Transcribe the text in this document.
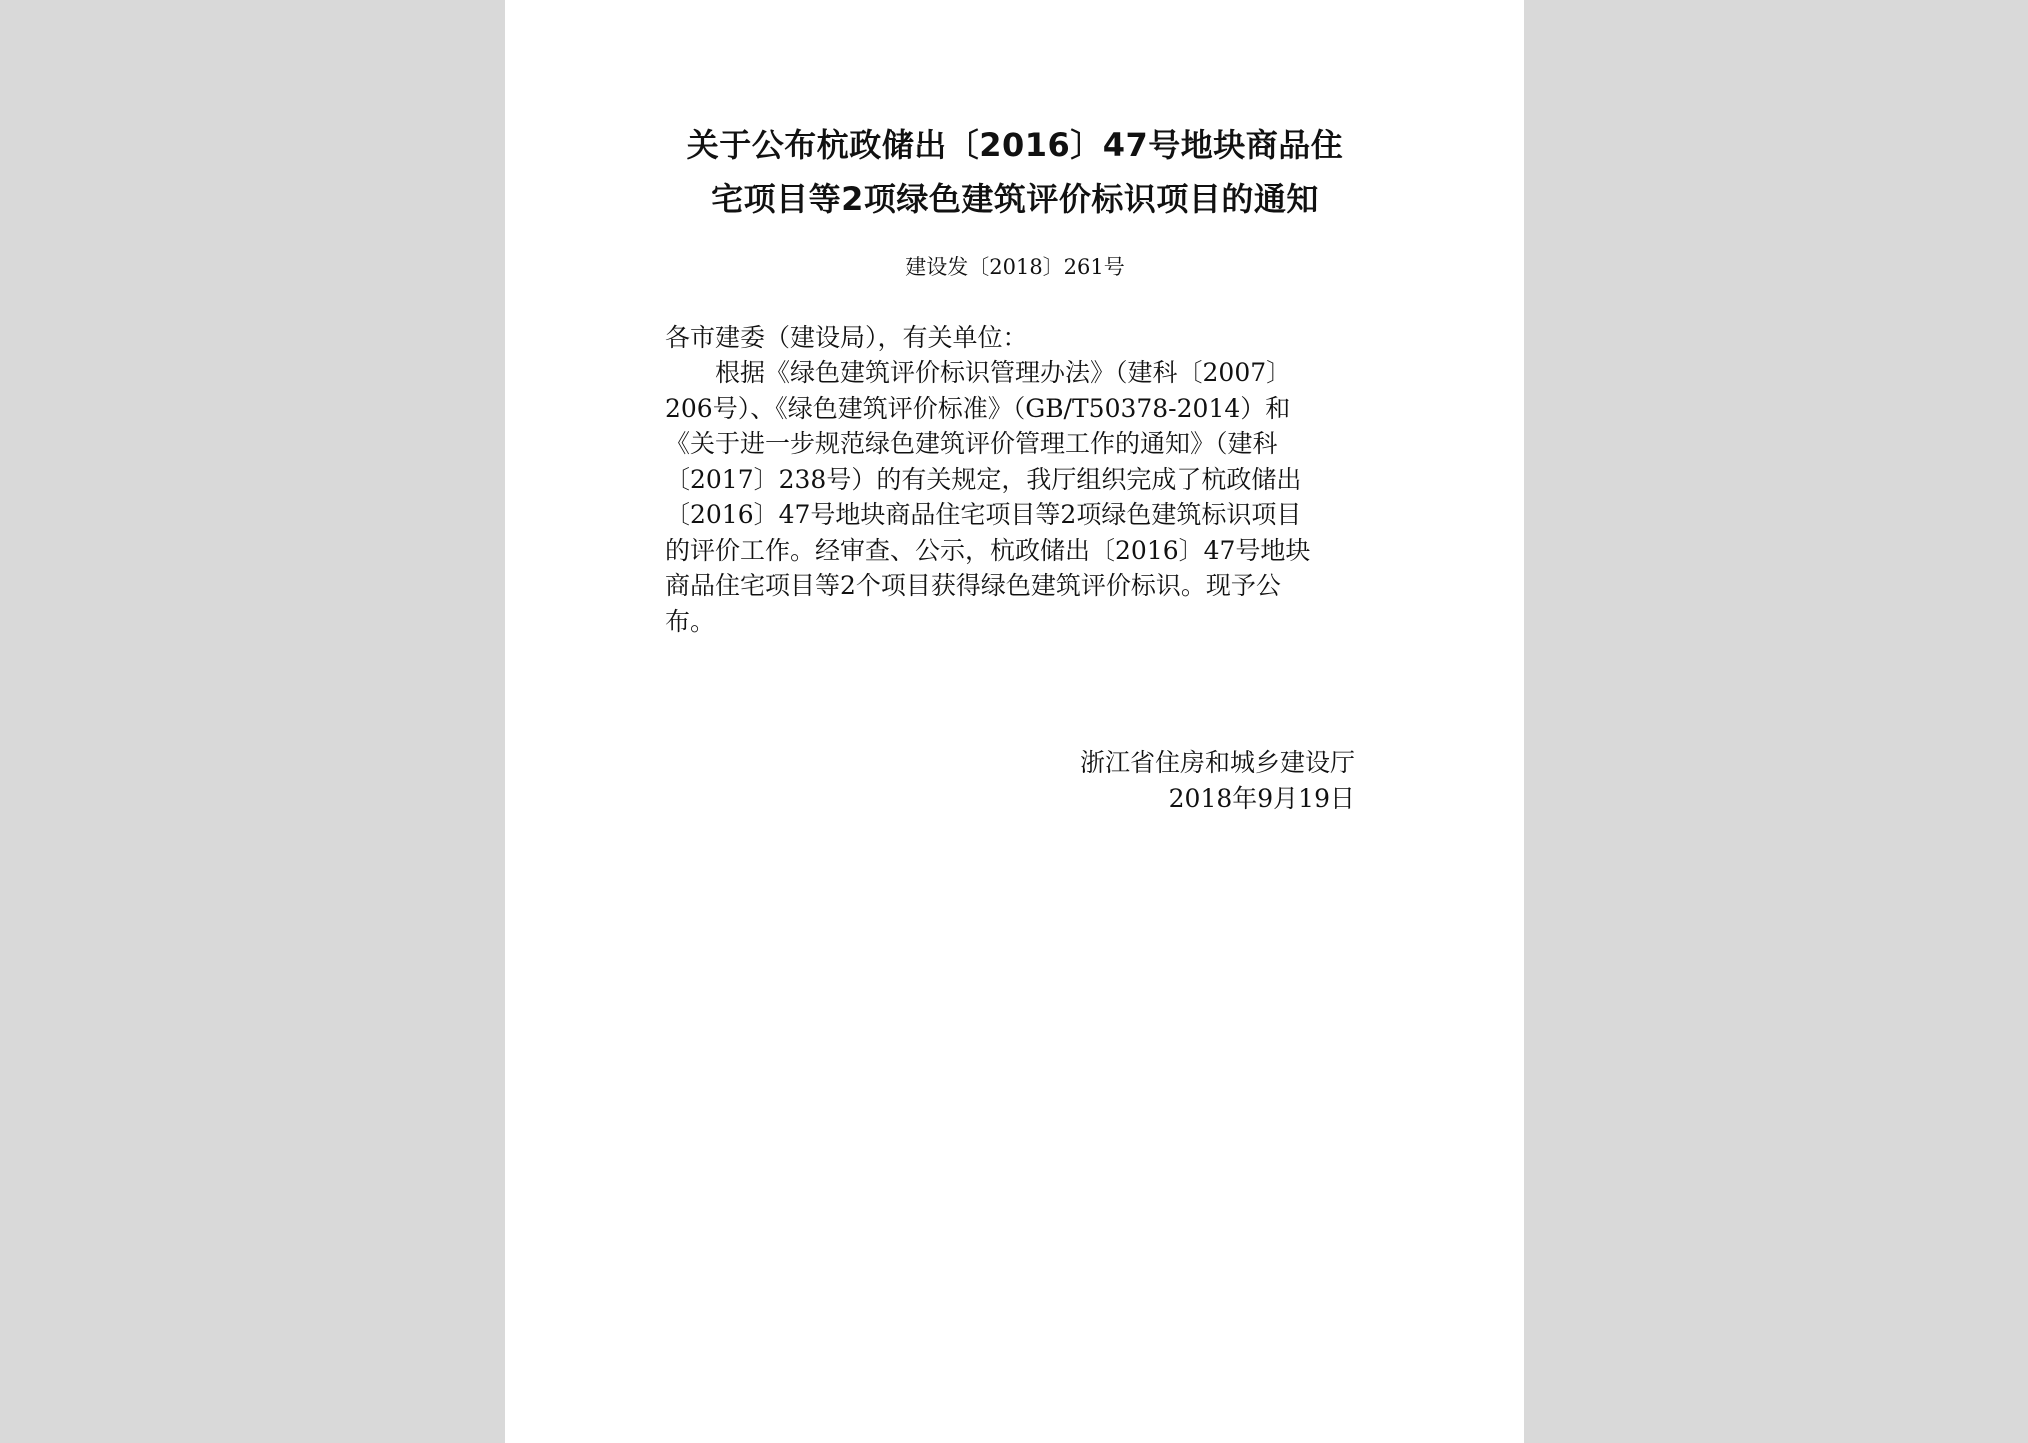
关于公布杭政储出〔2016〕47号地块商品住
宅项目等2项绿色建筑评价标识项目的通知
建设发〔2018〕261号
各市建委（建设局），有关单位：
根据《绿色建筑评价标识管理办法》（建科〔2007〕
206号）、《绿色建筑评价标准》（GB/T50378-2014）和
《关于进一步规范绿色建筑评价管理工作的通知》（建科
〔2017〕238号）的有关规定，我厅组织完成了杭政储出
〔2016〕47号地块商品住宅项目等2项绿色建筑标识项目
的评价工作。经审查、公示，杭政储出〔2016〕47号地块
商品住宅项目等2个项目获得绿色建筑评价标识。现予公
布。
浙江省住房和城乡建设厅
2018年9月19日
